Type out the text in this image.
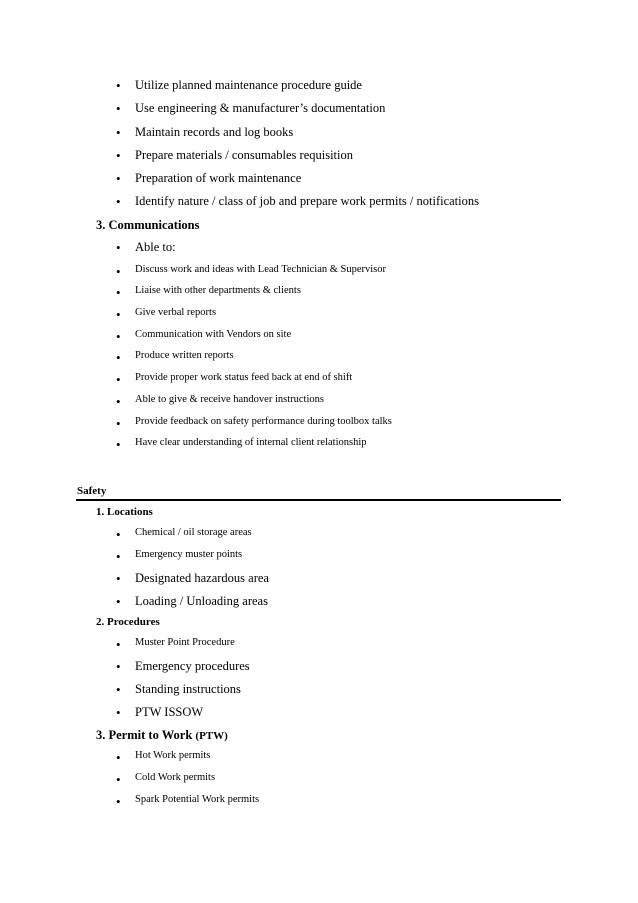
• Utilize planned maintenance procedure guide
• Use engineering & manufacturer’s documentation
• Maintain records and log books
• Prepare materials / consumables requisition
• Preparation of work maintenance
• Identify nature / class of job and prepare work permits / notifications
3. Communications
• Able to:
• Discuss work and ideas with Lead Technician & Supervisor
• Liaise with other departments & clients
• Give verbal reports
• Communication with Vendors on site
• Produce written reports
• Provide proper work status feed back at end of shift
• Able to give & receive handover instructions
• Provide feedback on safety performance during toolbox talks
• Have clear understanding of internal client relationship
Safety
1. Locations
• Chemical / oil storage areas
• Emergency muster points
• Designated hazardous area
• Loading / Unloading areas
2. Procedures
• Muster Point Procedure
• Emergency procedures
• Standing instructions
• PTW ISSOW
3. Permit to Work (PTW)
• Hot Work permits
• Cold Work permits
• Spark Potential Work permits
